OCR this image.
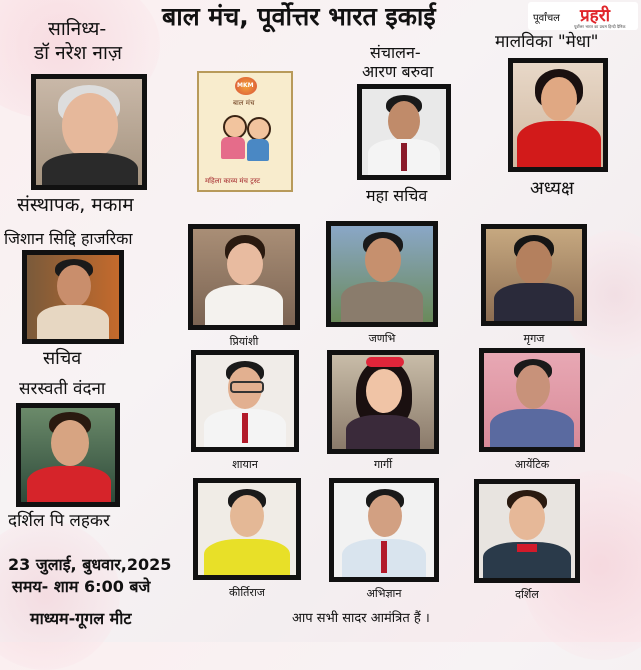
बाल मंच, पूर्वोत्तर भारत इकाई	पूर्वांचल प्रहरी
पूर्वोत्तर भारत का प्रथम हिन्दी दैनिक
सानिध्य-
डॉ नरेश नाज़
संस्थापक, मकाम
जिशान सिद्दि हाजरिका
सचिव
सरस्वती वंदना
दर्शिल पि लहकर
23 जुलाई, बुधवार,2025
समय- शाम 6:00 बजे
माध्यम-गूगल मीट
MKM
बाल मंच
महिला काव्य मंच ट्रस्ट
संचालन-
आरण बरुवा
महा सचिव
मालविका "मेधा"
अध्यक्ष
प्रियांशी	जणभि	मृगज
शायान	गार्गी	आयेंटिक
कीर्तिराज	अभिज्ञान	दर्शिल
आप सभी सादर आमंत्रित हैं ।
